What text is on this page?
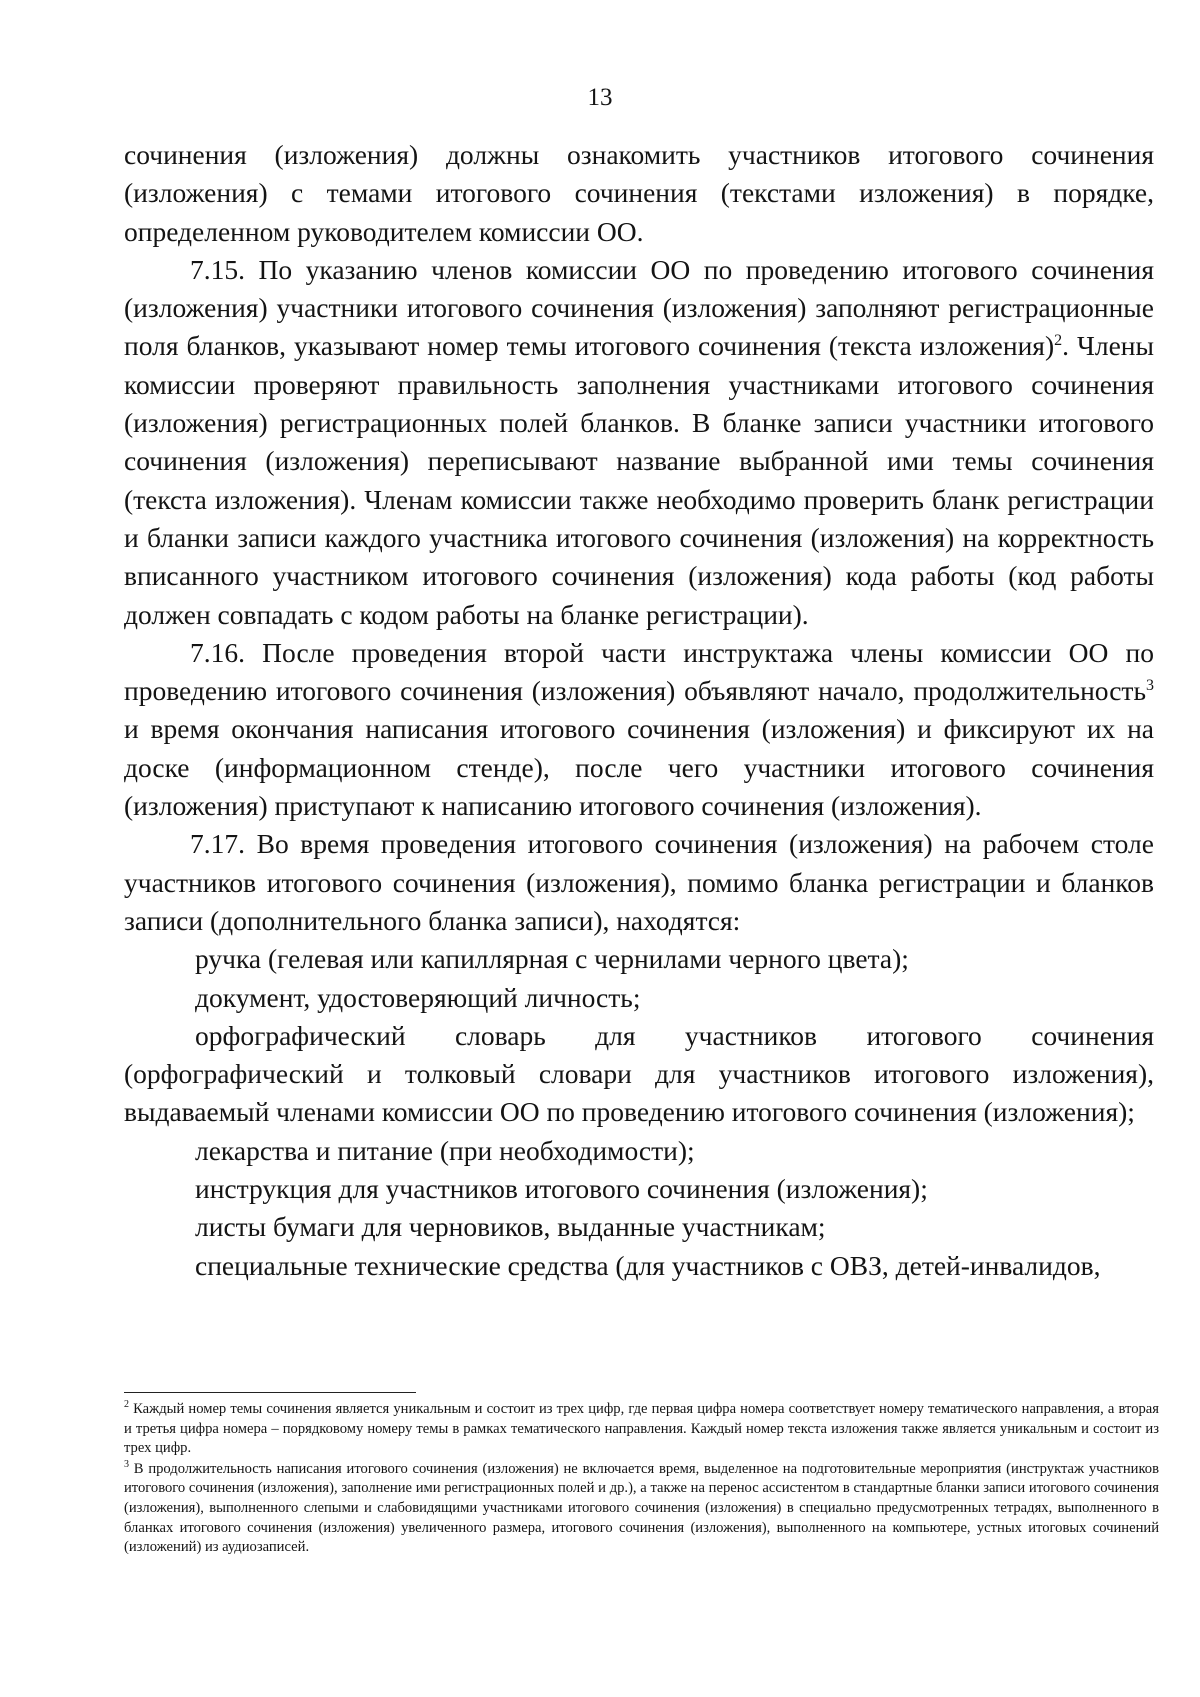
13

сочинения (изложения) должны ознакомить участников итогового сочинения (изложения) с темами итогового сочинения (текстами изложения) в порядке, определенном руководителем комиссии ОО.

7.15. По указанию членов комиссии ОО по проведению итогового сочинения (изложения) участники итогового сочинения (изложения) заполняют регистрационные поля бланков, указывают номер темы итогового сочинения (текста изложения)$^2$. Члены комиссии проверяют правильность заполнения участниками итогового сочинения (изложения) регистрационных полей бланков. В бланке записи участники итогового сочинения (изложения) переписывают название выбранной ими темы сочинения (текста изложения). Членам комиссии также необходимо проверить бланк регистрации и бланки записи каждого участника итогового сочинения (изложения) на корректность вписанного участником итогового сочинения (изложения) кода работы (код работы должен совпадать с кодом работы на бланке регистрации).

7.16. После проведения второй части инструктажа члены комиссии ОО по проведению итогового сочинения (изложения) объявляют начало, продолжительность$^3$ и время окончания написания итогового сочинения (изложения) и фиксируют их на доске (информационном стенде), после чего участники итогового сочинения (изложения) приступают к написанию итогового сочинения (изложения).

7.17. Во время проведения итогового сочинения (изложения) на рабочем столе участников итогового сочинения (изложения), помимо бланка регистрации и бланков записи (дополнительного бланка записи), находятся:

ручка (гелевая или капиллярная с чернилами черного цвета);

документ, удостоверяющий личность;

орфографический словарь для участников итогового сочинения (орфографический и толковый словари для участников итогового изложения), выдаваемый членами комиссии ОО по проведению итогового сочинения (изложения);

лекарства и питание (при необходимости);

инструкция для участников итогового сочинения (изложения);

листы бумаги для черновиков, выданные участникам;

специальные технические средства (для участников с ОВЗ, детей-инвалидов,

$^2$ Каждый номер темы сочинения является уникальным и состоит из трех цифр, где первая цифра номера соответствует номеру тематического направления, а вторая и третья цифра номера – порядковому номеру темы в рамках тематического направления. Каждый номер текста изложения также является уникальным и состоит из трех цифр.

$^3$ В продолжительность написания итогового сочинения (изложения) не включается время, выделенное на подготовительные мероприятия (инструктаж участников итогового сочинения (изложения), заполнение ими регистрационных полей и др.), а также на перенос ассистентом в стандартные бланки записи итогового сочинения (изложения), выполненного слепыми и слабовидящими участниками итогового сочинения (изложения) в специально предусмотренных тетрадях, выполненного в бланках итогового сочинения (изложения) увеличенного размера, итогового сочинения (изложения), выполненного на компьютере, устных итоговых сочинений (изложений) из аудиозаписей.
